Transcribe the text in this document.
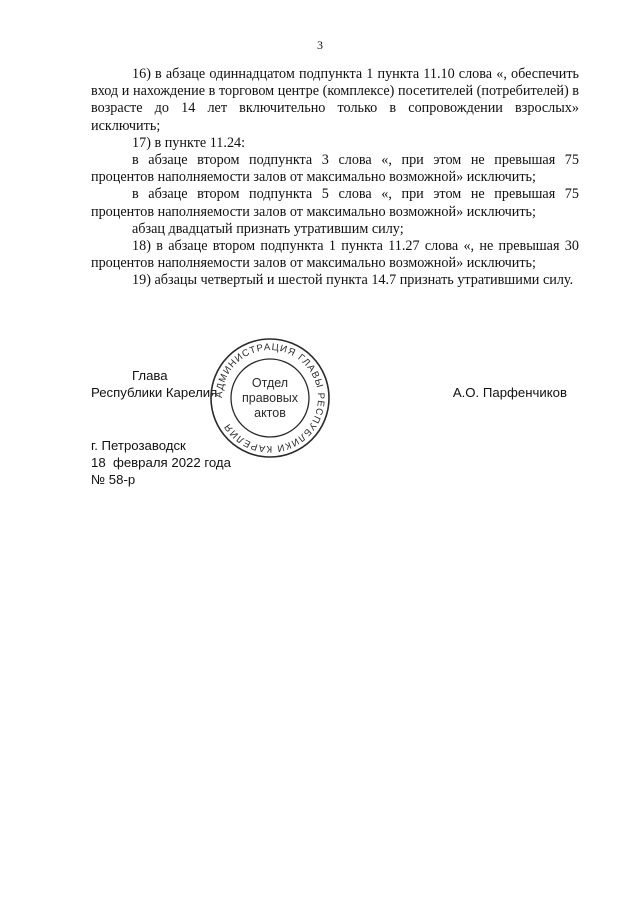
3

16) в абзаце одиннадцатом подпункта 1 пункта 11.10 слова «, обеспечить вход и нахождение в торговом центре (комплексе) посетителей (потребителей) в возрасте до 14 лет включительно только в сопровождении взрослых» исключить;

17) в пункте 11.24:

в абзаце втором подпункта 3 слова «, при этом не превышая 75 процентов наполняемости залов от максимально возможной» исключить;

в абзаце втором подпункта 5 слова «, при этом не превышая 75 процентов наполняемости залов от максимально возможной» исключить;

абзац двадцатый признать утратившим силу;

18) в абзаце втором подпункта 1 пункта 11.27 слова «, не превышая 30 процентов наполняемости залов от максимально возможной» исключить;

19) абзацы четвертый и шестой пункта 14.7 признать утратившими силу.

Глава
Республики Карелия	А.О. Парфенчиков
АДМИНИСТРАЦИЯ ГЛАВЫ РЕСПУБЛИКИ КАРЕЛИЯ
Отдел
правовых
актов
г. Петрозаводск
18  февраля 2022 года
№ 58-р
